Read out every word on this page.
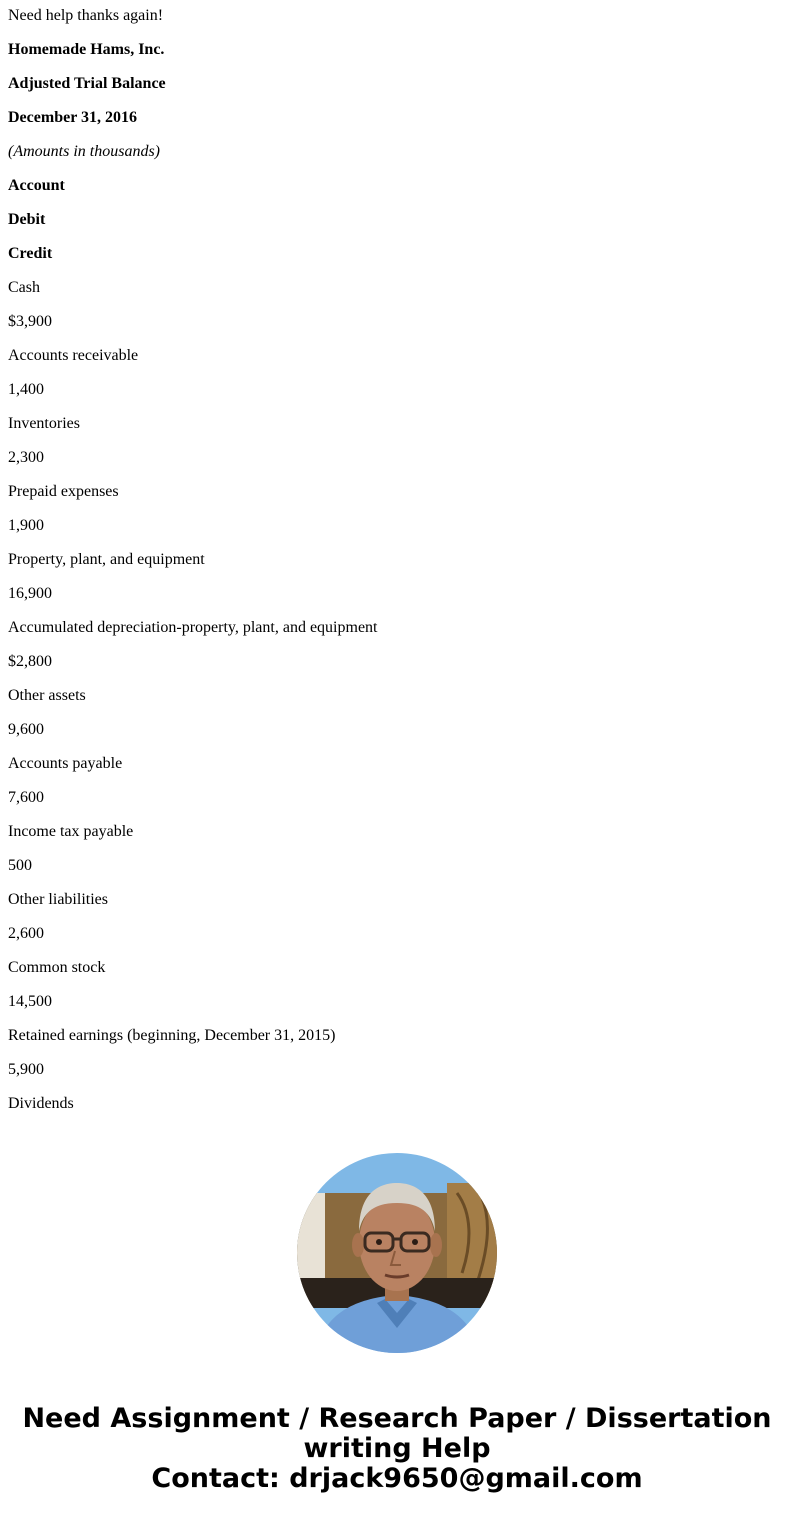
Need help thanks again!
Homemade Hams, Inc.
Adjusted Trial Balance
December 31, 2016
(Amounts in thousands)
Account
Debit
Credit
Cash
$3,900
Accounts receivable
1,400
Inventories
2,300
Prepaid expenses
1,900
Property, plant, and equipment
16,900
Accumulated depreciation-property, plant, and equipment
$2,800
Other assets
9,600
Accounts payable
7,600
Income tax payable
500
Other liabilities
2,600
Common stock
14,500
Retained earnings (beginning, December 31, 2015)
5,900
Dividends
Need Assignment / Research Paper / Dissertation
writing Help
Contact: drjack9650@gmail.com
